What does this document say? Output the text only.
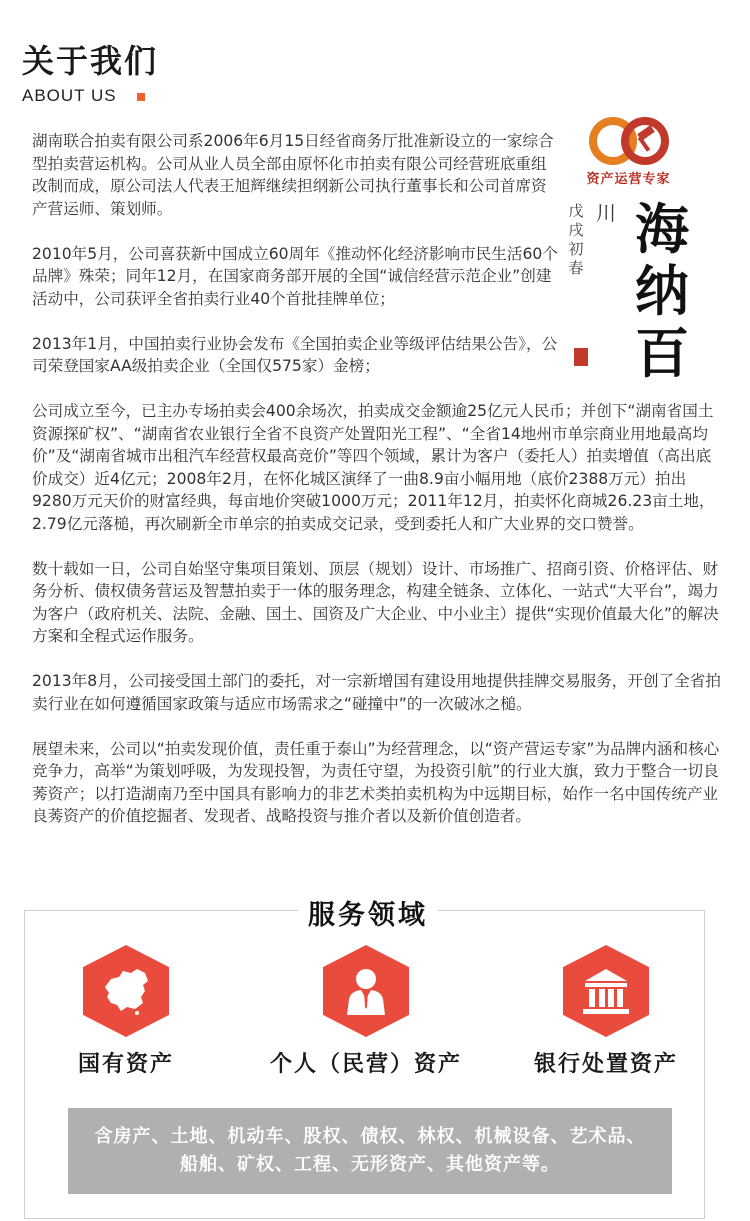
关于我们
ABOUT US
资产运营专家
海纳百
川
戊戌初春

湖南联合拍卖有限公司系2006年6月15日经省商务厅批准新设立的一家综合型拍卖营运机构。公司从业人员全部由原怀化市拍卖有限公司经营班底重组改制而成，原公司法人代表王旭辉继续担纲新公司执行董事长和公司首席资产营运师、策划师。

2010年5月，公司喜获新中国成立60周年《推动怀化经济影响市民生活60个品牌》殊荣；同年12月，在国家商务部开展的全国“诚信经营示范企业”创建活动中，公司获评全省拍卖行业40个首批挂牌单位；

2013年1月，中国拍卖行业协会发布《全国拍卖企业等级评估结果公告》，公司荣登国家AA级拍卖企业（全国仅575家）金榜；

公司成立至今，已主办专场拍卖会400余场次，拍卖成交金额逾25亿元人民币；并创下“湖南省国土资源探矿权”、“湖南省农业银行全省不良资产处置阳光工程”、“全省14地州市单宗商业用地最高均价”及“湖南省城市出租汽车经营权最高竞价”等四个领域，累计为客户（委托人）拍卖增值（高出底价成交）近4亿元；2008年2月，在怀化城区演绎了一曲8.9亩小幅用地（底价2388万元）拍出9280万元天价的财富经典，每亩地价突破1000万元；2011年12月，拍卖怀化商城26.23亩土地，2.79亿元落槌，再次刷新全市单宗的拍卖成交记录，受到委托人和广大业界的交口赞誉。

数十载如一日，公司自始坚守集项目策划、顶层（规划）设计、市场推广、招商引资、价格评估、财务分析、债权债务营运及智慧拍卖于一体的服务理念，构建全链条、立体化、一站式“大平台”，竭力为客户（政府机关、法院、金融、国土、国资及广大企业、中小业主）提供“实现价值最大化”的解决方案和全程式运作服务。

2013年8月，公司接受国土部门的委托，对一宗新增国有建设用地提供挂牌交易服务，开创了全省拍卖行业在如何遵循国家政策与适应市场需求之“碰撞中”的一次破冰之槌。

展望未来，公司以“拍卖发现价值，责任重于泰山”为经营理念，以“资产营运专家”为品牌内涵和核心竞争力，高举“为策划呼吸，为发现投智，为责任守望，为投资引航”的行业大旗，致力于整合一切良莠资产；以打造湖南乃至中国具有影响力的非艺术类拍卖机构为中远期目标，始作一名中国传统产业良莠资产的价值挖掘者、发现者、战略投资与推介者以及新价值创造者。

服务领域
国有资产	个人（民营）资产	银行处置资产
含房产、土地、机动车、股权、债权、林权、机械设备、艺术品、
船舶、矿权、工程、无形资产、其他资产等。
